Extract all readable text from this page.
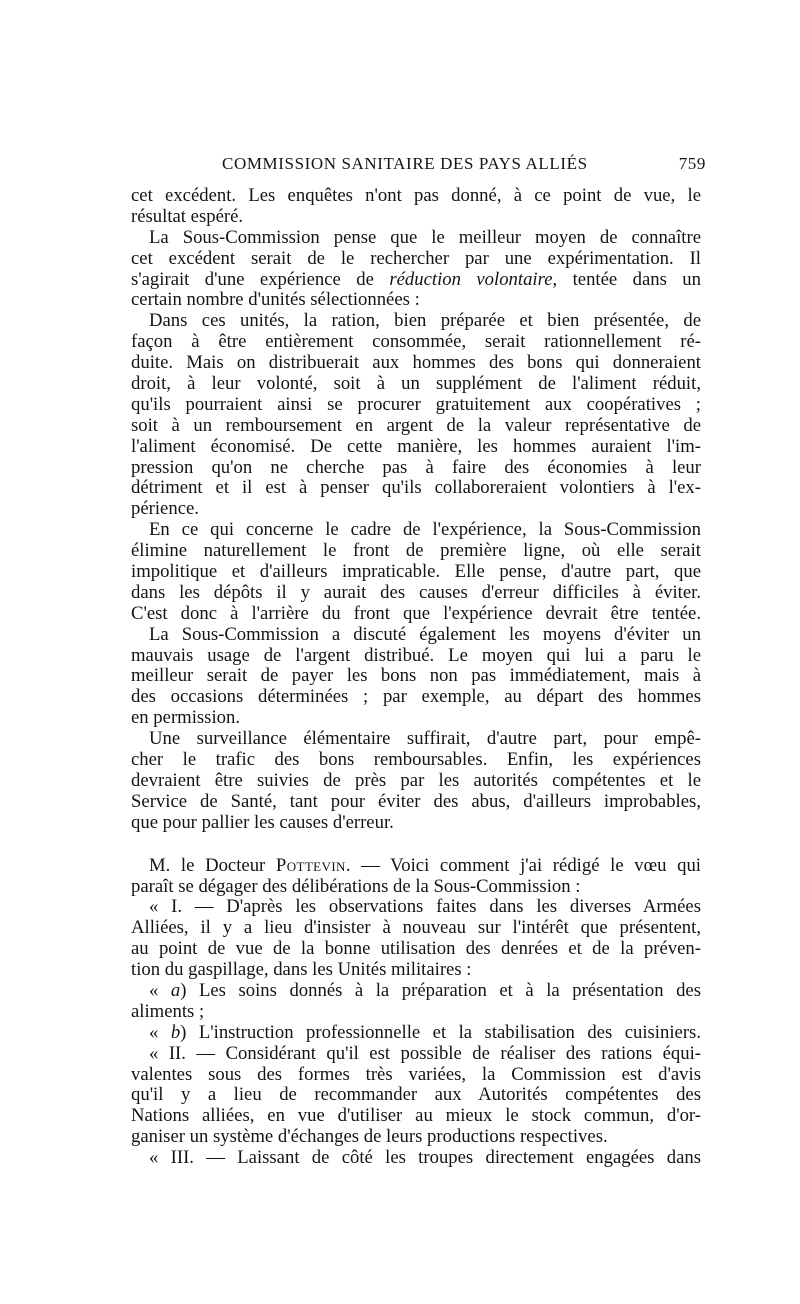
COMMISSION SANITAIRE DES PAYS ALLIÉS	759
cet excédent. Les enquêtes n'ont pas donné, à ce point de vue, le
résultat espéré.
La Sous-Commission pense que le meilleur moyen de connaître
cet excédent serait de le rechercher par une expérimentation. Il
s'agirait d'une expérience de réduction volontaire, tentée dans un
certain nombre d'unités sélectionnées :
Dans ces unités, la ration, bien préparée et bien présentée, de
façon à être entièrement consommée, serait rationnellement ré-
duite. Mais on distribuerait aux hommes des bons qui donneraient
droit, à leur volonté, soit à un supplément de l'aliment réduit,
qu'ils pourraient ainsi se procurer gratuitement aux coopératives ;
soit à un remboursement en argent de la valeur représentative de
l'aliment économisé. De cette manière, les hommes auraient l'im-
pression qu'on ne cherche pas à faire des économies à leur
détriment et il est à penser qu'ils collaboreraient volontiers à l'ex-
périence.
En ce qui concerne le cadre de l'expérience, la Sous-Commission
élimine naturellement le front de première ligne, où elle serait
impolitique et d'ailleurs impraticable. Elle pense, d'autre part, que
dans les dépôts il y aurait des causes d'erreur difficiles à éviter.
C'est donc à l'arrière du front que l'expérience devrait être tentée.
La Sous-Commission a discuté également les moyens d'éviter un
mauvais usage de l'argent distribué. Le moyen qui lui a paru le
meilleur serait de payer les bons non pas immédiatement, mais à
des occasions déterminées ; par exemple, au départ des hommes
en permission.
Une surveillance élémentaire suffirait, d'autre part, pour empê-
cher le trafic des bons remboursables. Enfin, les expériences
devraient être suivies de près par les autorités compétentes et le
Service de Santé, tant pour éviter des abus, d'ailleurs improbables,
que pour pallier les causes d'erreur.
M. le Docteur Pottevin. — Voici comment j'ai rédigé le vœu qui
paraît se dégager des délibérations de la Sous-Commission :
« I. — D'après les observations faites dans les diverses Armées
Alliées, il y a lieu d'insister à nouveau sur l'intérêt que présentent,
au point de vue de la bonne utilisation des denrées et de la préven-
tion du gaspillage, dans les Unités militaires :
« a) Les soins donnés à la préparation et à la présentation des
aliments ;
« b) L'instruction professionnelle et la stabilisation des cuisiniers.
« II. — Considérant qu'il est possible de réaliser des rations équi-
valentes sous des formes très variées, la Commission est d'avis
qu'il y a lieu de recommander aux Autorités compétentes des
Nations alliées, en vue d'utiliser au mieux le stock commun, d'or-
ganiser un système d'échanges de leurs productions respectives.
« III. — Laissant de côté les troupes directement engagées dans
